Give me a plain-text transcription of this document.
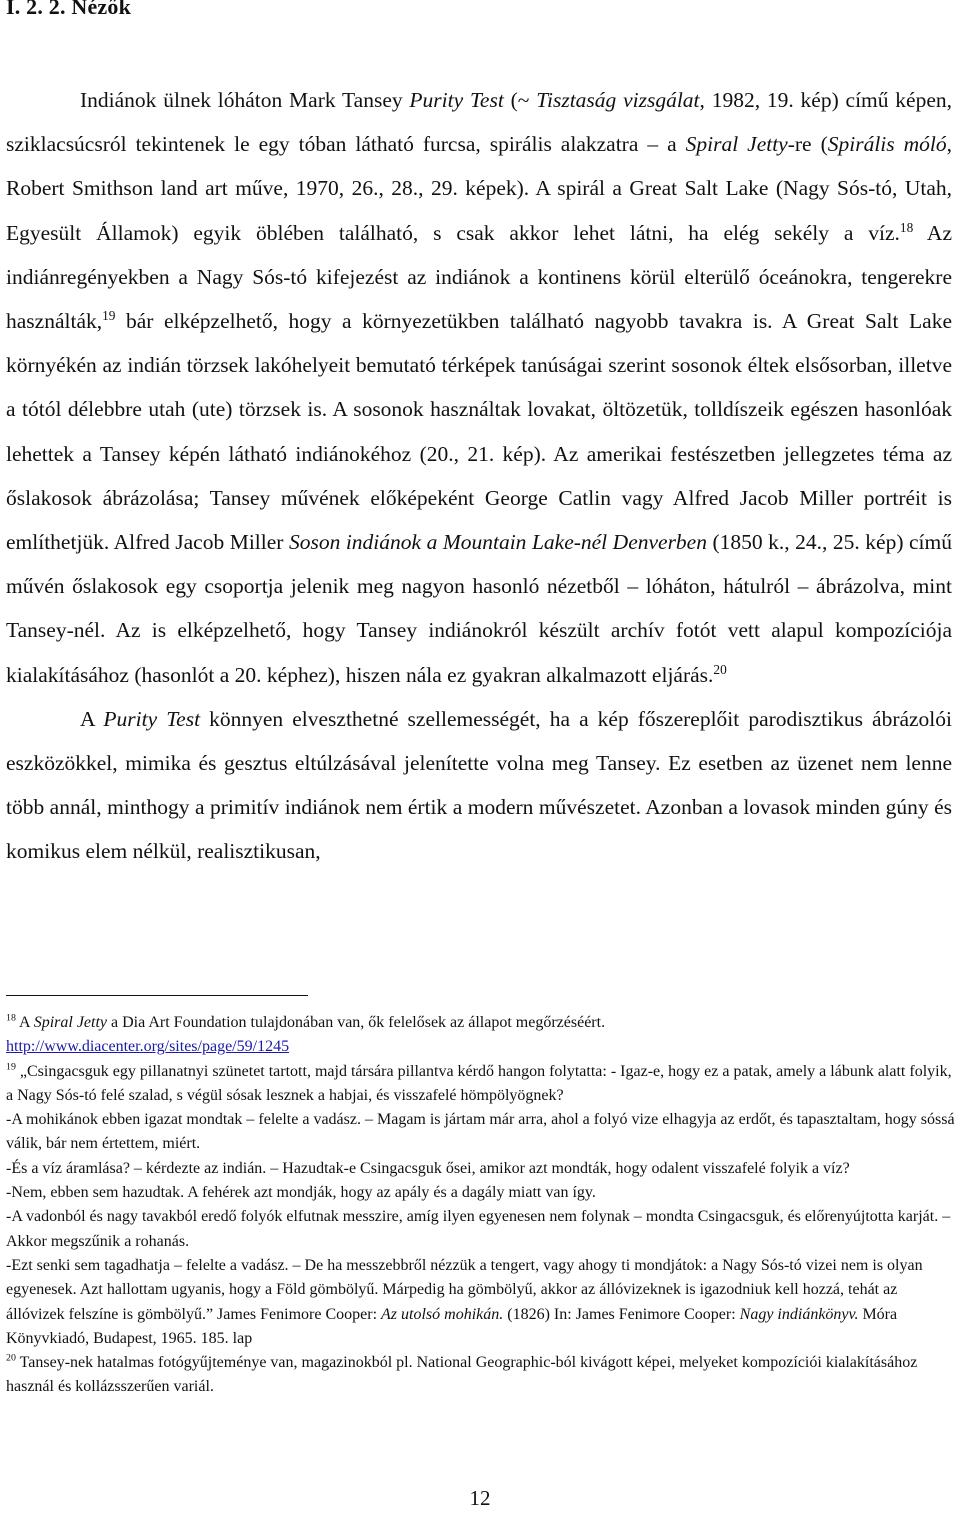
I. 2. 2. Nézők

Indiánok ülnek lóháton Mark Tansey Purity Test (~ Tisztaság vizsgálat, 1982, 19. kép) című képen, sziklacsúcsról tekintenek le egy tóban látható furcsa, spirális alakzatra – a Spiral Jetty-re (Spirális móló, Robert Smithson land art műve, 1970, 26., 28., 29. képek). A spirál a Great Salt Lake (Nagy Sós-tó, Utah, Egyesült Államok) egyik öblében található, s csak akkor lehet látni, ha elég sekély a víz.$^{18}$ Az indiánregényekben a Nagy Sós-tó kifejezést az indiánok a kontinens körül elterülő óceánokra, tengerekre használták,$^{19}$ bár elképzelhető, hogy a környezetükben található nagyobb tavakra is. A Great Salt Lake környékén az indián törzsek lakóhelyeit bemutató térképek tanúságai szerint sosonok éltek elsősorban, illetve a tótól délebbre utah (ute) törzsek is. A sosonok használtak lovakat, öltözetük, tolldíszeik egészen hasonlóak lehettek a Tansey képén látható indiánokéhoz (20., 21. kép). Az amerikai festészetben jellegzetes téma az őslakosok ábrázolása; Tansey művének előképeként George Catlin vagy Alfred Jacob Miller portréit is említhetjük. Alfred Jacob Miller Soson indiánok a Mountain Lake-nél Denverben (1850 k., 24., 25. kép) című művén őslakosok egy csoportja jelenik meg nagyon hasonló nézetből – lóháton, hátulról – ábrázolva, mint Tansey-nél. Az is elképzelhető, hogy Tansey indiánokról készült archív fotót vett alapul kompozíciója kialakításához (hasonlót a 20. képhez), hiszen nála ez gyakran alkalmazott eljárás.$^{20}$

A Purity Test könnyen elveszthetné szellemességét, ha a kép főszereplőit parodisztikus ábrázolói eszközökkel, mimika és gesztus eltúlzásával jelenítette volna meg Tansey. Ez esetben az üzenet nem lenne több annál, minthogy a primitív indiánok nem értik a modern művészetet. Azonban a lovasok minden gúny és komikus elem nélkül, realisztikusan,

$^{18}$ A Spiral Jetty a Dia Art Foundation tulajdonában van, ők felelősek az állapot megőrzéséért.
http://www.diacenter.org/sites/page/59/1245

$^{19}$ „Csingacsguk egy pillanatnyi szünetet tartott, majd társára pillantva kérdő hangon folytatta: - Igaz-e, hogy ez a patak, amely a lábunk alatt folyik, a Nagy Sós-tó felé szalad, s végül sósak lesznek a habjai, és visszafelé hömpölyögnek?

-A mohikánok ebben igazat mondtak – felelte a vadász. – Magam is jártam már arra, ahol a folyó vize elhagyja az erdőt, és tapasztaltam, hogy sóssá válik, bár nem értettem, miért.

-És a víz áramlása? – kérdezte az indián. – Hazudtak-e Csingacsguk ősei, amikor azt mondták, hogy odalent visszafelé folyik a víz?

-Nem, ebben sem hazudtak. A fehérek azt mondják, hogy az apály és a dagály miatt van így.

-A vadonból és nagy tavakból eredő folyók elfutnak messzire, amíg ilyen egyenesen nem folynak – mondta Csingacsguk, és előrenyújtotta karját. – Akkor megszűnik a rohanás.

-Ezt senki sem tagadhatja – felelte a vadász. – De ha messzebbről nézzük a tengert, vagy ahogy ti mondjátok: a Nagy Sós-tó vizei nem is olyan egyenesek. Azt hallottam ugyanis, hogy a Föld gömbölyű. Márpedig ha gömbölyű, akkor az állóvizeknek is igazodniuk kell hozzá, tehát az állóvizek felszíne is gömbölyű.” James Fenimore Cooper: Az utolsó mohikán. (1826) In: James Fenimore Cooper: Nagy indiánkönyv. Móra Könyvkiadó, Budapest, 1965. 185. lap

$^{20}$ Tansey-nek hatalmas fotógyűjteménye van, magazinokból pl. National Geographic-ból kivágott képei, melyeket kompozíciói kialakításához használ és kollázsszerűen variál.

12
